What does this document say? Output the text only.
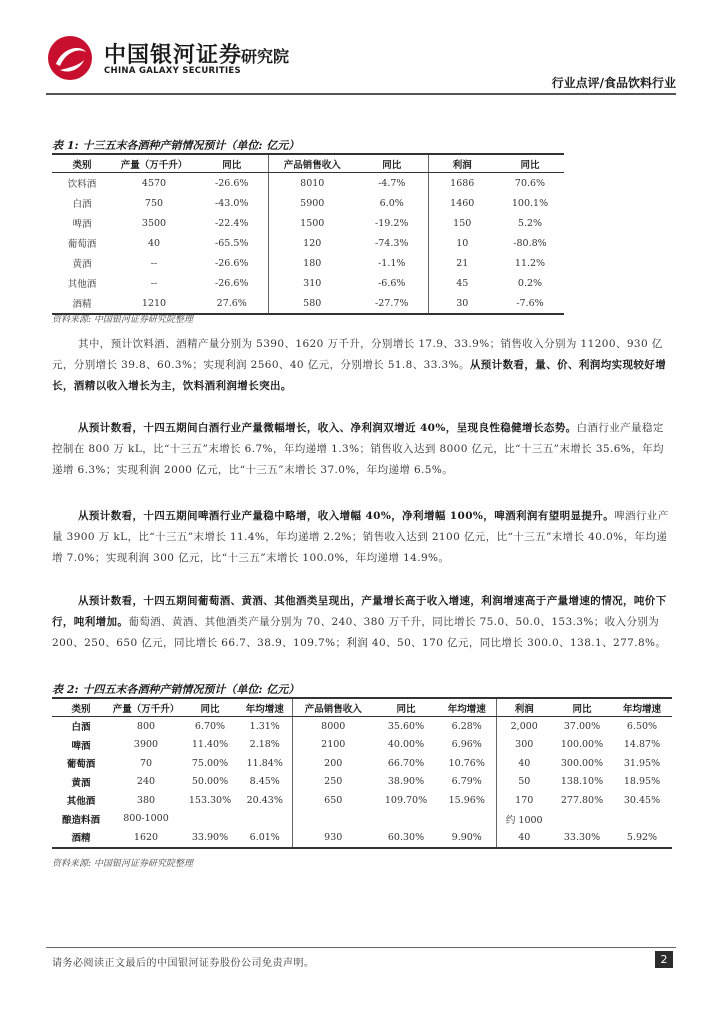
中国银河证券
CHINA GALAXY SECURITIES
研究院
行业点评/食品饮料行业
表 1: 十三五末各酒种产销情况预计（单位: 亿元）
类别	产量（万千升）	同比	产品销售收入	同比	利润	同比
饮料酒	4570	-26.6%	8010	-4.7%	1686	70.6%
白酒	750	-43.0%	5900	6.0%	1460	100.1%
啤酒	3500	-22.4%	1500	-19.2%	150	5.2%
葡萄酒	40	-65.5%	120	-74.3%	10	-80.8%
黄酒	--	-26.6%	180	-1.1%	21	11.2%
其他酒	--	-26.6%	310	-6.6%	45	0.2%
酒精	1210	27.6%	580	-27.7%	30	-7.6%
资料来源: 中国银河证券研究院整理
其中，预计饮料酒、酒精产量分别为 5390、1620 万千升，分别增长 17.9、33.9%；销售收入分别为 11200、930 亿元，分别增长 39.8、60.3%；实现利润 2560、40 亿元，分别增长 51.8、33.3%。从预计数看，量、价、利润均实现较好增长，酒精以收入增长为主，饮料酒利润增长突出。
从预计数看，十四五期间白酒行业产量微幅增长，收入、净利润双增近 40%，呈现良性稳健增长态势。白酒行业产量稳定控制在 800 万 kL，比“十三五”末增长 6.7%，年均递增 1.3%；销售收入达到 8000 亿元，比“十三五”末增长 35.6%，年均递增 6.3%；实现利润 2000 亿元，比“十三五”末增长 37.0%，年均递增 6.5%。
从预计数看，十四五期间啤酒行业产量稳中略增，收入增幅 40%，净利增幅 100%，啤酒利润有望明显提升。啤酒行业产量 3900 万 kL，比“十三五”末增长 11.4%，年均递增 2.2%；销售收入达到 2100 亿元，比“十三五”末增长 40.0%，年均递增 7.0%；实现利润 300 亿元，比“十三五”末增长 100.0%，年均递增 14.9%。
从预计数看，十四五期间葡萄酒、黄酒、其他酒类呈现出，产量增长高于收入增速，利润增速高于产量增速的情况，吨价下行，吨利增加。葡萄酒、黄酒、其他酒类产量分别为 70、240、380 万千升，同比增长 75.0、50.0、153.3%；收入分别为 200、250、650 亿元，同比增长 66.7、38.9、109.7%；利润 40、50、170 亿元，同比增长 300.0、138.1、277.8%。
表 2: 十四五末各酒种产销情况预计（单位: 亿元）
类别	产量（万千升）	同比	年均增速	产品销售收入	同比	年均增速	利润	同比	年均增速
白酒	800	6.70%	1.31%	8000	35.60%	6.28%	2,000	37.00%	6.50%
啤酒	3900	11.40%	2.18%	2100	40.00%	6.96%	300	100.00%	14.87%
葡萄酒	70	75.00%	11.84%	200	66.70%	10.76%	40	300.00%	31.95%
黄酒	240	50.00%	8.45%	250	38.90%	6.79%	50	138.10%	18.95%
其他酒	380	153.30%	20.43%	650	109.70%	15.96%	170	277.80%	30.45%
酿造料酒	800-1000						约 1000		
酒精	1620	33.90%	6.01%	930	60.30%	9.90%	40	33.30%	5.92%
资料来源: 中国银河证券研究院整理
请务必阅读正文最后的中国银河证券股份公司免责声明。	2
